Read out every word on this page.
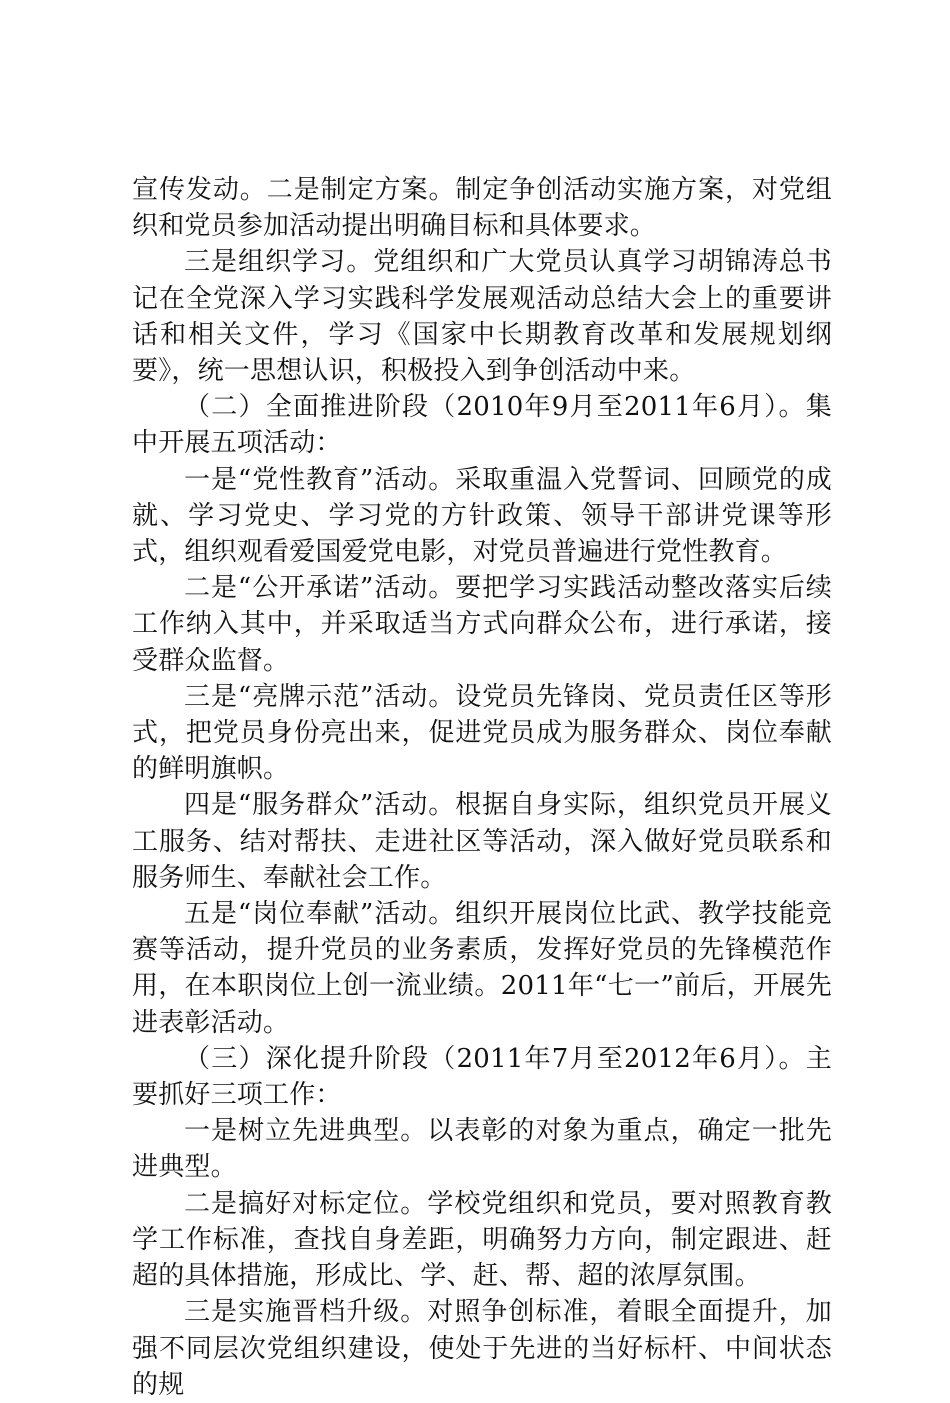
宣传发动。二是制定方案。制定争创活动实施方案，对党组织和党员参加活动提出明确目标和具体要求。

三是组织学习。党组织和广大党员认真学习胡锦涛总书记在全党深入学习实践科学发展观活动总结大会上的重要讲话和相关文件，学习《国家中长期教育改革和发展规划纲要》，统一思想认识，积极投入到争创活动中来。

（二）全面推进阶段（2010年9月至2011年6月）。集中开展五项活动：

一是“党性教育”活动。采取重温入党誓词、回顾党的成就、学习党史、学习党的方针政策、领导干部讲党课等形式，组织观看爱国爱党电影，对党员普遍进行党性教育。

二是“公开承诺”活动。要把学习实践活动整改落实后续工作纳入其中，并采取适当方式向群众公布，进行承诺，接受群众监督。

三是“亮牌示范”活动。设党员先锋岗、党员责任区等形式，把党员身份亮出来，促进党员成为服务群众、岗位奉献的鲜明旗帜。

四是“服务群众”活动。根据自身实际，组织党员开展义工服务、结对帮扶、走进社区等活动，深入做好党员联系和服务师生、奉献社会工作。

五是“岗位奉献”活动。组织开展岗位比武、教学技能竞赛等活动，提升党员的业务素质，发挥好党员的先锋模范作用，在本职岗位上创一流业绩。2011年“七一”前后，开展先进表彰活动。

（三）深化提升阶段（2011年7月至2012年6月）。主要抓好三项工作：

一是树立先进典型。以表彰的对象为重点，确定一批先进典型。

二是搞好对标定位。学校党组织和党员，要对照教育教学工作标准，查找自身差距，明确努力方向，制定跟进、赶超的具体措施，形成比、学、赶、帮、超的浓厚氛围。

三是实施晋档升级。对照争创标准，着眼全面提升，加强不同层次党组织建设，使处于先进的当好标杆、中间状态的规
